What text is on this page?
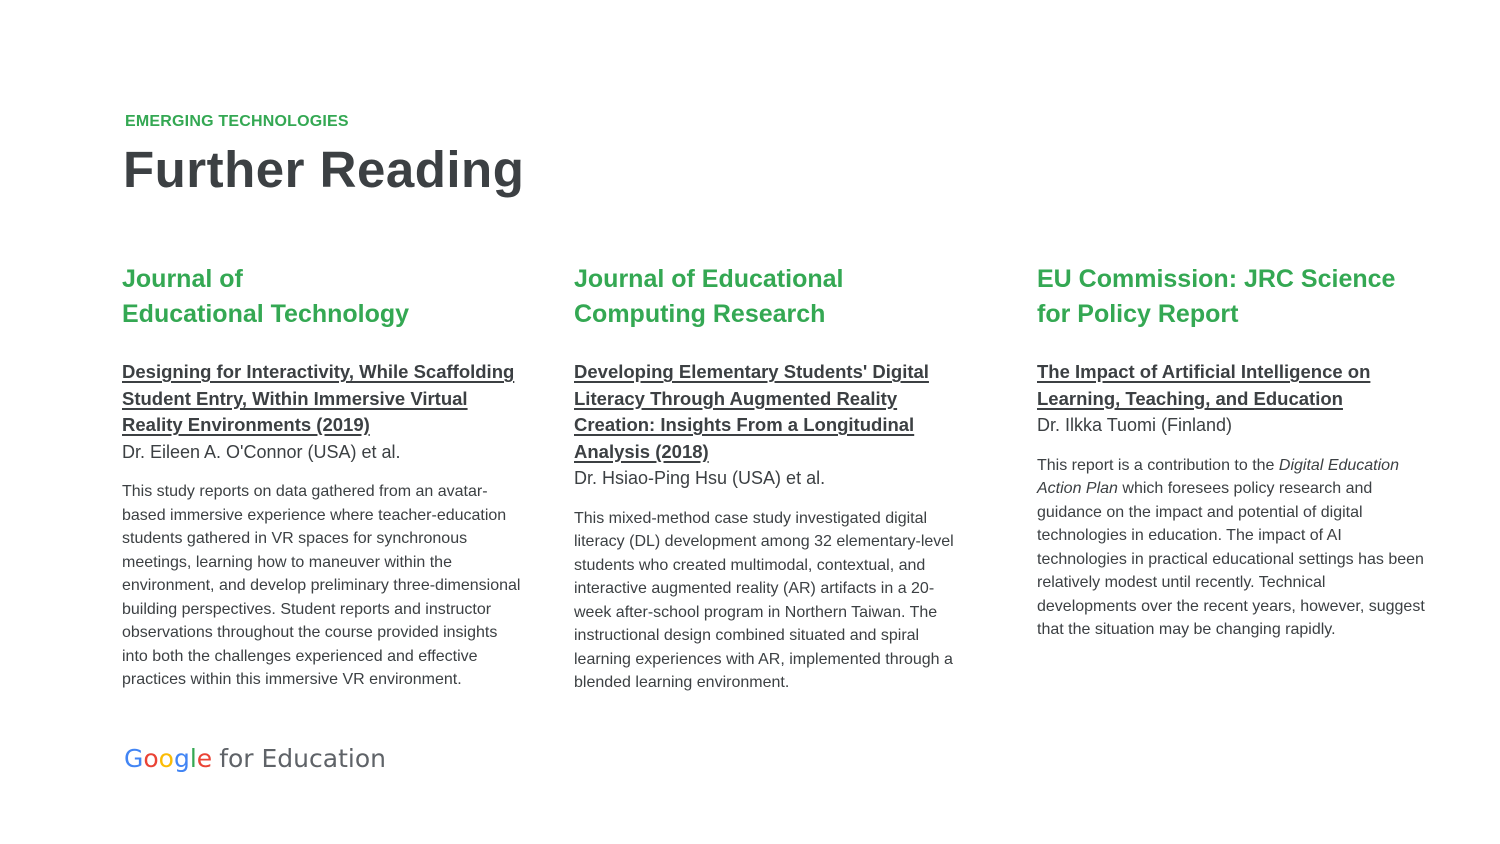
EMERGING TECHNOLOGIES
Further Reading
Journal of
Educational Technology
Designing for Interactivity, While Scaffolding Student Entry, Within Immersive Virtual Reality Environments (2019)
Dr. Eileen A. O'Connor (USA) et al.

This study reports on data gathered from an avatar-based immersive experience where teacher-education students gathered in VR spaces for synchronous meetings, learning how to maneuver within the environment, and develop preliminary three-dimensional building perspectives. Student reports and instructor observations throughout the course provided insights into both the challenges experienced and effective practices within this immersive VR environment.

Journal of Educational
Computing Research
Developing Elementary Students' Digital Literacy Through Augmented Reality Creation: Insights From a Longitudinal Analysis (2018)
Dr. Hsiao-Ping Hsu (USA) et al.

This mixed-method case study investigated digital literacy (DL) development among 32 elementary-level students who created multimodal, contextual, and interactive augmented reality (AR) artifacts in a 20-week after-school program in Northern Taiwan. The instructional design combined situated and spiral learning experiences with AR, implemented through a blended learning environment.

EU Commission: JRC Science
for Policy Report
The Impact of Artificial Intelligence on Learning, Teaching, and Education
Dr. Ilkka Tuomi (Finland)

This report is a contribution to the Digital Education Action Plan which foresees policy research and guidance on the impact and potential of digital technologies in education. The impact of AI technologies in practical educational settings has been relatively modest until recently. Technical developments over the recent years, however, suggest that the situation may be changing rapidly.

Google for Education
